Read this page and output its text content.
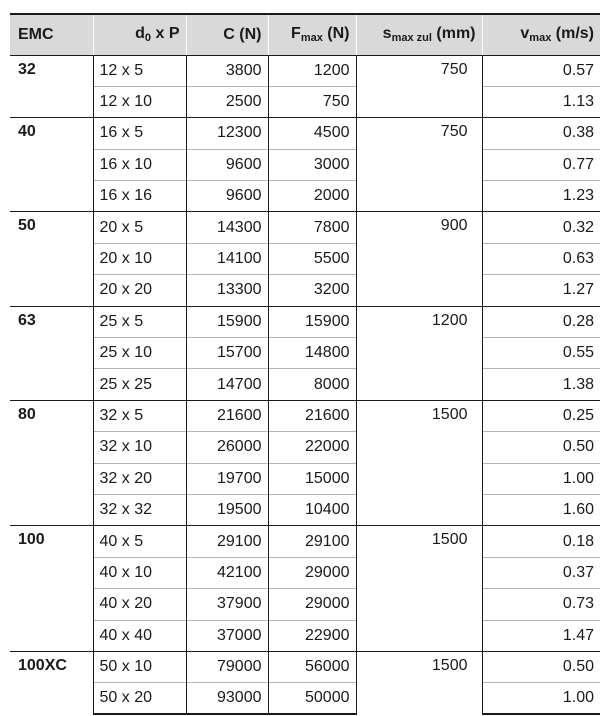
EMC	$d_0$ x P	C (N)	$F_{max}$ (N)	$s_{max zul}$ (mm)	$v_{max}$ (m/s)
32	12 x 5	3800	1200	750	0.57
	12 x 10	2500	750		1.13
40	16 x 5	12300	4500	750	0.38
	16 x 10	9600	3000		0.77
	16 x 16	9600	2000		1.23
50	20 x 5	14300	7800	900	0.32
	20 x 10	14100	5500		0.63
	20 x 20	13300	3200		1.27
63	25 x 5	15900	15900	1200	0.28
	25 x 10	15700	14800		0.55
	25 x 25	14700	8000		1.38
80	32 x 5	21600	21600	1500	0.25
	32 x 10	26000	22000		0.50
	32 x 20	19700	15000		1.00
	32 x 32	19500	10400		1.60
100	40 x 5	29100	29100	1500	0.18
	40 x 10	42100	29000		0.37
	40 x 20	37900	29000		0.73
	40 x 40	37000	22900		1.47
100XC	50 x 10	79000	56000	1500	0.50
	50 x 20	93000	50000		1.00
